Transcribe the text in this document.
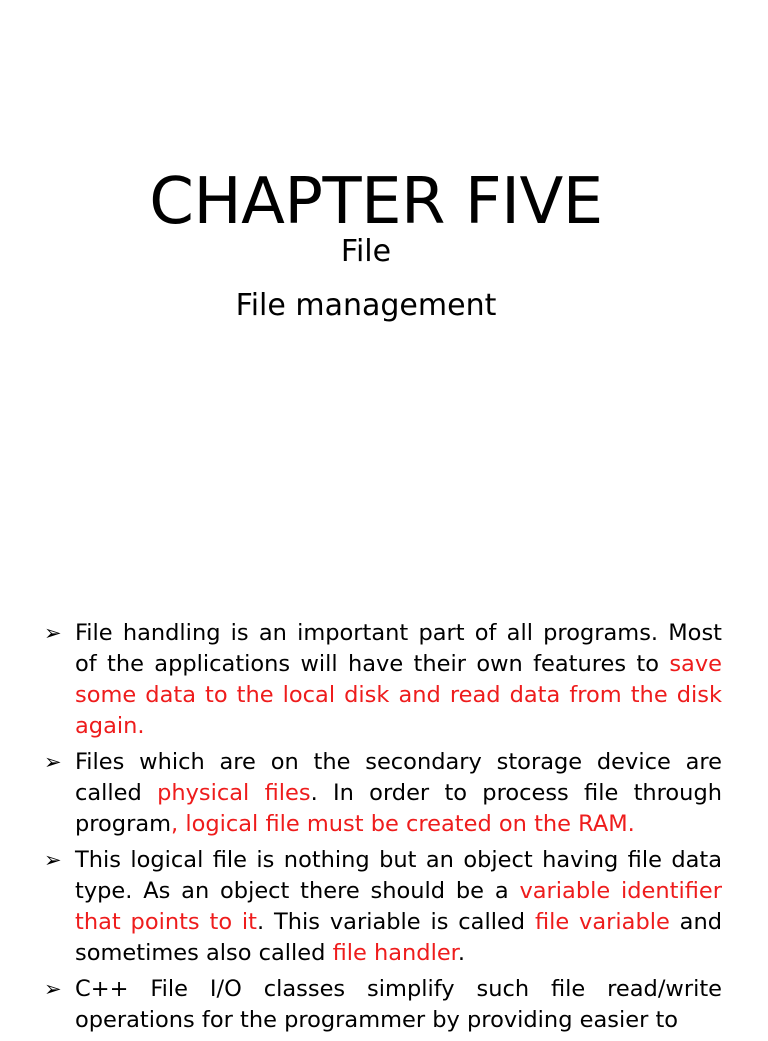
CHAPTER FIVE
File
File management
➢ File handling is an important part of all programs. Most of the applications will have their own features to save some data to the local disk and read data from the disk again.
➢ Files which are on the secondary storage device are called physical files. In order to process file through program, logical file must be created on the RAM.
➢ This logical file is nothing but an object having file data type. As an object there should be a variable identifier that points to it. This variable is called file variable and sometimes also called file handler.
➢ C++ File I/O classes simplify such file read/write operations for the programmer by providing easier to
